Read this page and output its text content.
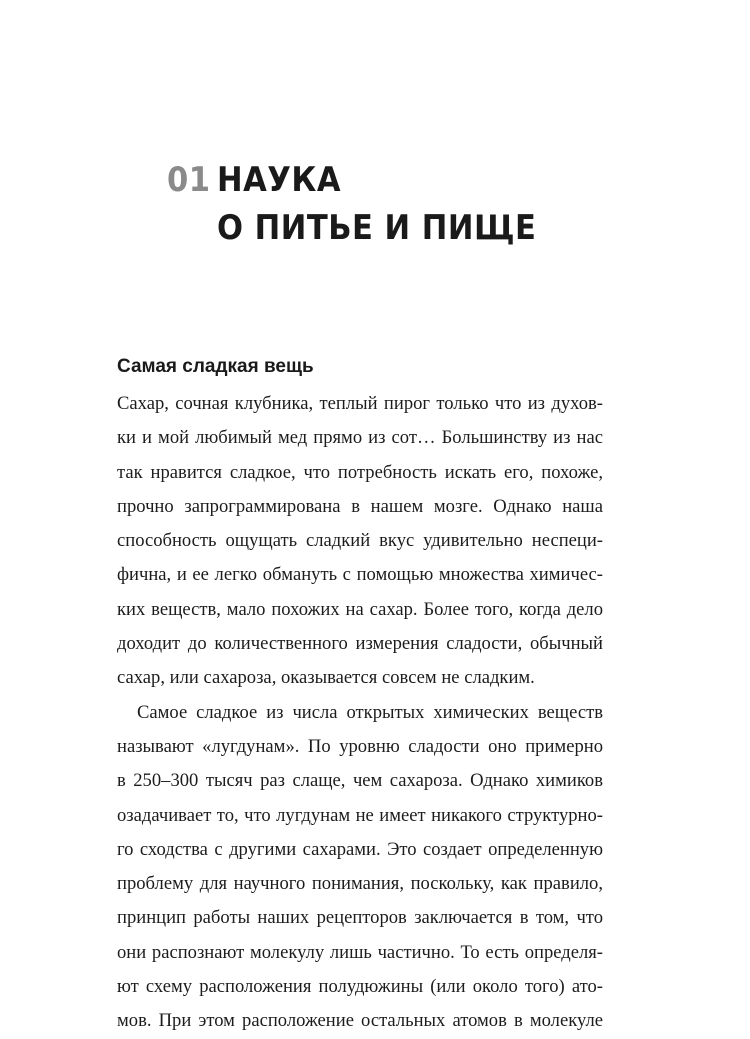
01 НАУКА
О ПИТЬЕ И ПИЩЕ
Самая сладкая вещь
Сахар, сочная клубника, теплый пирог только что из духов-
ки и мой любимый мед прямо из сот… Большинству из нас
так нравится сладкое, что потребность искать его, похоже,
прочно запрограммирована в нашем мозге. Однако наша
способность ощущать сладкий вкус удивительно неспеци-
фична, и ее легко обмануть с помощью множества химичес-
ких веществ, мало похожих на сахар. Более того, когда дело
доходит до количественного измерения сладости, обычный
сахар, или сахароза, оказывается совсем не сладким.
Самое сладкое из числа открытых химических веществ
называют «лугдунам». По уровню сладости оно примерно
в 250–300 тысяч раз слаще, чем сахароза. Однако химиков
озадачивает то, что лугдунам не имеет никакого структурно-
го сходства с другими сахарами. Это создает определенную
проблему для научного понимания, поскольку, как правило,
принцип работы наших рецепторов заключается в том, что
они распознают молекулу лишь частично. То есть определя-
ют схему расположения полудюжины (или около того) ато-
мов. При этом расположение остальных атомов в молекуле
